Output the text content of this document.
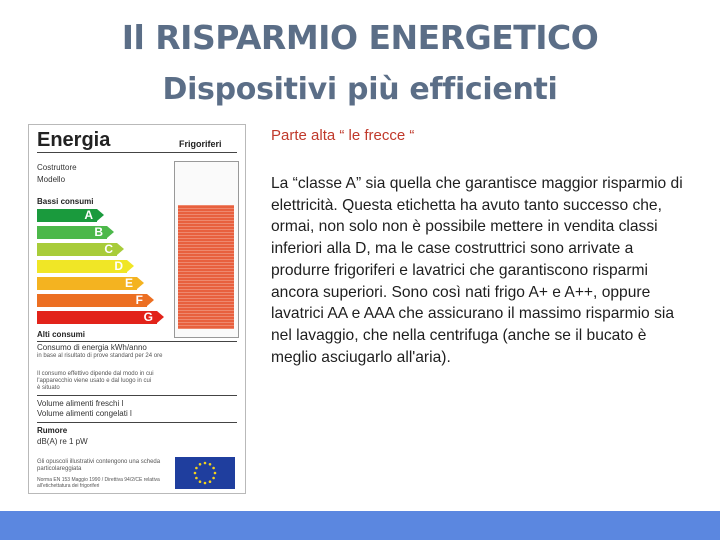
Il RISPARMIO ENERGETICO
Dispositivi più efficienti
Energia	Frigoriferi
Costruttore
Modello
Bassi consumi
A
B
C
D
E
F
G
Alti consumi
Consumo di energia kWh/anno
in base al risultato di prove standard per 24 ore
Il consumo effettivo dipende dal modo in cui l'apparecchio viene usato e dal luogo in cui è situato
Volume alimenti freschi l
Volume alimenti congelati l
Rumore
dB(A) re 1 pW
Gli opuscoli illustrativi contengono una scheda particolareggiata
Norma EN 153 Maggio 1990 / Direttiva 94/2/CE relativa all'etichettatura dei frigoriferi
Parte alta “ le frecce “

La “classe A” sia quella che garantisce maggior risparmio di elettricità. Questa etichetta ha avuto tanto successo che, ormai, non solo non è possibile mettere in vendita classi inferiori alla D, ma le case costruttrici sono arrivate a produrre frigoriferi e lavatrici che garantiscono risparmi ancora superiori. Sono così nati frigo A+ e A++, oppure lavatrici AA e AAA che assicurano il massimo risparmio sia nel lavaggio, che nella centrifuga (anche se il bucato è meglio asciugarlo all'aria).
